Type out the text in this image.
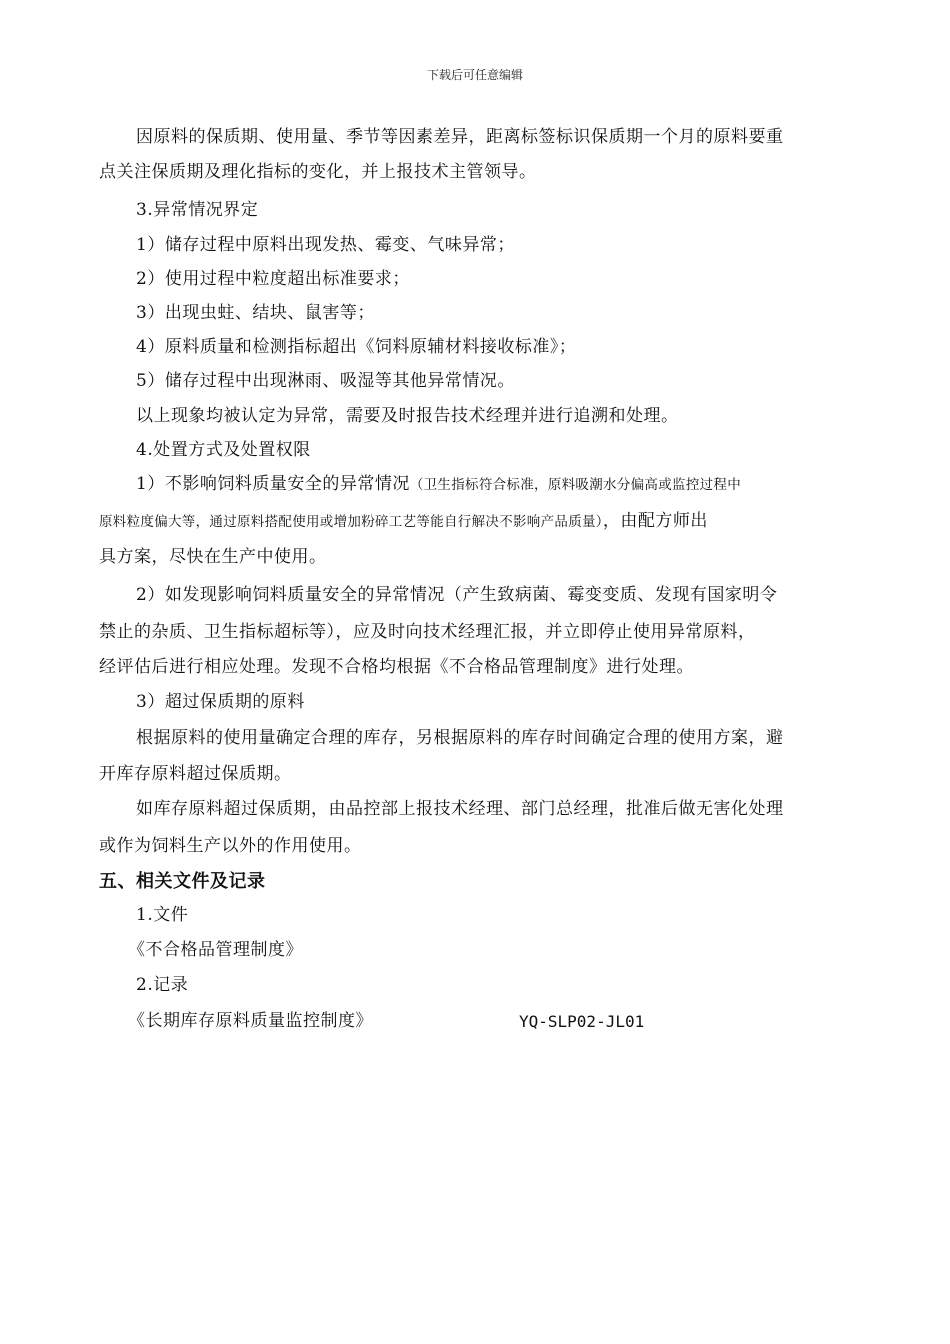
下载后可任意编辑
因原料的保质期、使用量、季节等因素差异，距离标签标识保质期一个月的原料要重
点关注保质期及理化指标的变化，并上报技术主管领导。
3.异常情况界定
1）储存过程中原料出现发热、霉变、气味异常；
2）使用过程中粒度超出标准要求；
3）出现虫蛀、结块、鼠害等；
4）原料质量和检测指标超出《饲料原辅材料接收标准》；
5）储存过程中出现淋雨、吸湿等其他异常情况。
以上现象均被认定为异常，需要及时报告技术经理并进行追溯和处理。
4.处置方式及处置权限
1）不影响饲料质量安全的异常情况（卫生指标符合标准，原料吸潮水分偏高或监控过程中
原料粒度偏大等，通过原料搭配使用或增加粉碎工艺等能自行解决不影响产品质量），由配方师出
具方案，尽快在生产中使用。
2）如发现影响饲料质量安全的异常情况（产生致病菌、霉变变质、发现有国家明令
禁止的杂质、卫生指标超标等），应及时向技术经理汇报，并立即停止使用异常原料，
经评估后进行相应处理。发现不合格均根据《不合格品管理制度》进行处理。
3）超过保质期的原料
根据原料的使用量确定合理的库存，另根据原料的库存时间确定合理的使用方案，避
开库存原料超过保质期。
如库存原料超过保质期，由品控部上报技术经理、部门总经理，批准后做无害化处理
或作为饲料生产以外的作用使用。
五、相关文件及记录
1.文件
《不合格品管理制度》
2.记录
《长期库存原料质量监控制度》	YQ-SLP02-JL01
